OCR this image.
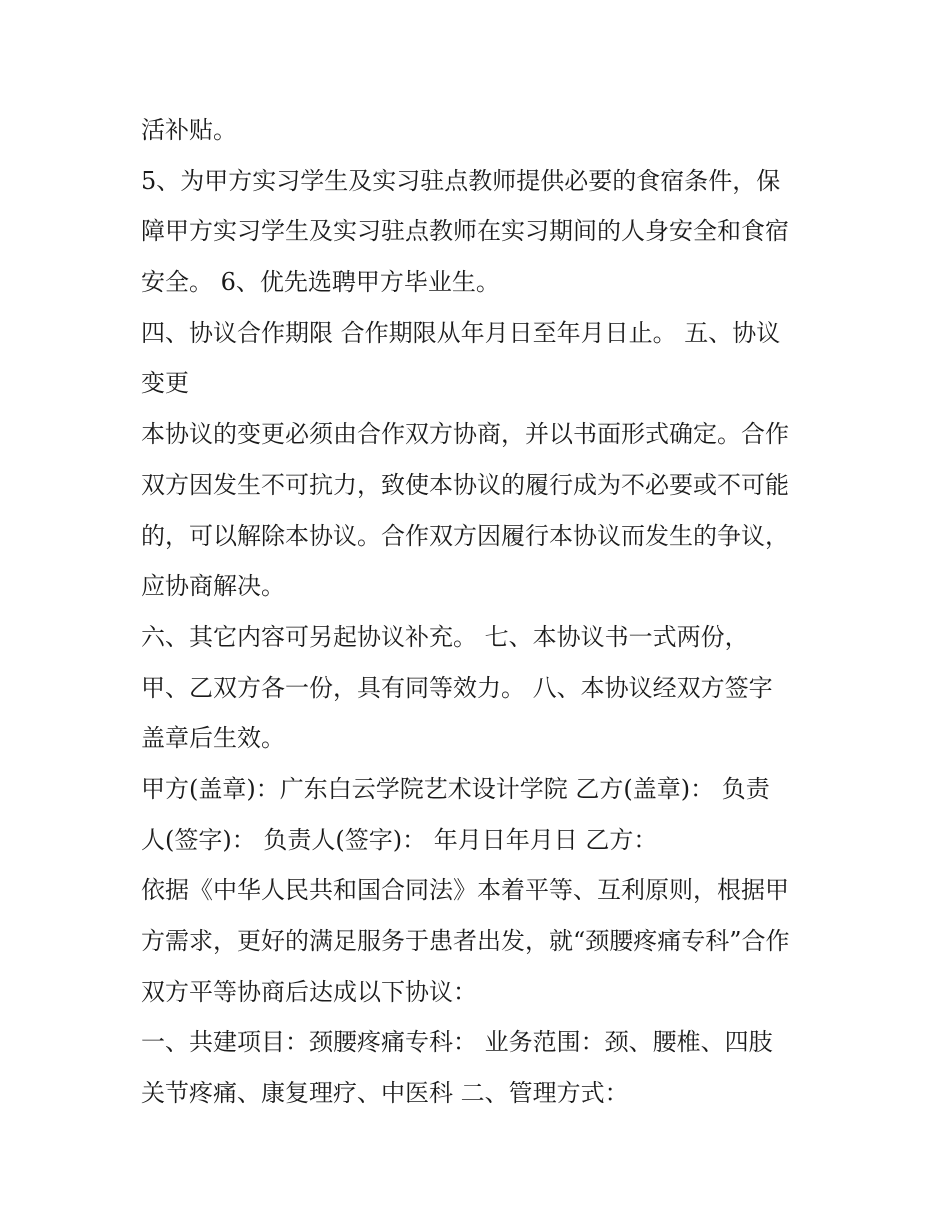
活补贴。
5、为甲方实习学生及实习驻点教师提供必要的食宿条件，保
障甲方实习学生及实习驻点教师在实习期间的人身安全和食宿
安全。 6、优先选聘甲方毕业生。
四、协议合作期限 合作期限从年月日至年月日止。 五、协议
变更
本协议的变更必须由合作双方协商，并以书面形式确定。合作
双方因发生不可抗力，致使本协议的履行成为不必要或不可能
的，可以解除本协议。合作双方因履行本协议而发生的争议，
应协商解决。
六、其它内容可另起协议补充。 七、本协议书一式两份，
甲、乙双方各一份，具有同等效力。 八、本协议经双方签字
盖章后生效。
甲方(盖章)：广东白云学院艺术设计学院 乙方(盖章)： 负责
人(签字)： 负责人(签字)： 年月日年月日 乙方：
依据《中华人民共和国合同法》本着平等、互利原则，根据甲
方需求，更好的满足服务于患者出发，就“颈腰疼痛专科”合作
双方平等协商后达成以下协议：
一、共建项目：颈腰疼痛专科： 业务范围：颈、腰椎、四肢
关节疼痛、康复理疗、中医科 二、管理方式：
